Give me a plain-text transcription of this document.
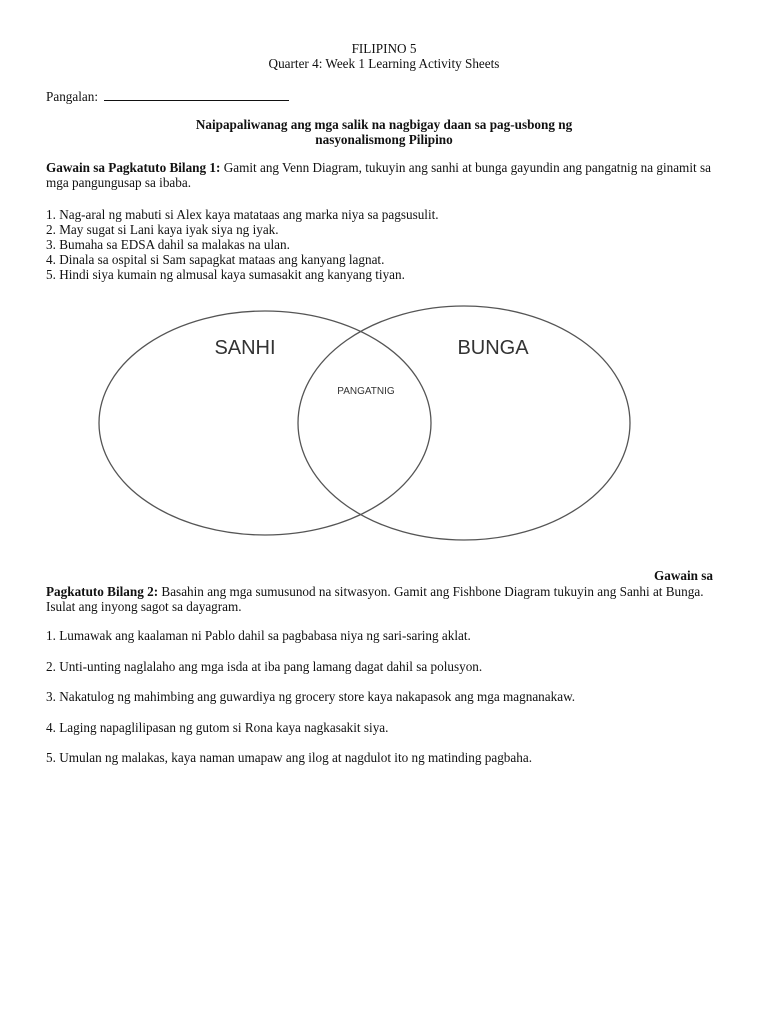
FILIPINO 5
Quarter 4: Week 1 Learning Activity Sheets
Pangalan:
Naipapaliwanag ang mga salik na nagbigay daan sa pag-usbong ng
nasyonalismong Pilipino
Gawain sa Pagkatuto Bilang 1: Gamit ang Venn Diagram, tukuyin ang sanhi at bunga gayundin ang pangatnig na ginamit sa mga pangungusap sa ibaba.
1. Nag-aral ng mabuti si Alex kaya matataas ang marka niya sa pagsusulit.
2. May sugat si Lani kaya iyak siya ng iyak.
3. Bumaha sa EDSA dahil sa malakas na ulan.
4. Dinala sa ospital si Sam sapagkat mataas ang kanyang lagnat.
5. Hindi siya kumain ng almusal kaya sumasakit ang kanyang tiyan.
SANHI	BUNGA
PANGATNIG
Gawain sa
Pagkatuto Bilang 2: Basahin ang mga sumusunod na sitwasyon. Gamit ang Fishbone Diagram tukuyin ang Sanhi at Bunga. Isulat ang inyong sagot sa dayagram.
1. Lumawak ang kaalaman ni Pablo dahil sa pagbabasa niya ng sari-saring aklat.
2. Unti-unting naglalaho ang mga isda at iba pang lamang dagat dahil sa polusyon.
3. Nakatulog ng mahimbing ang guwardiya ng grocery store kaya nakapasok ang mga magnanakaw.
4. Laging napaglilipasan ng gutom si Rona kaya nagkasakit siya.
5. Umulan ng malakas, kaya naman umapaw ang ilog at nagdulot ito ng matinding pagbaha.
